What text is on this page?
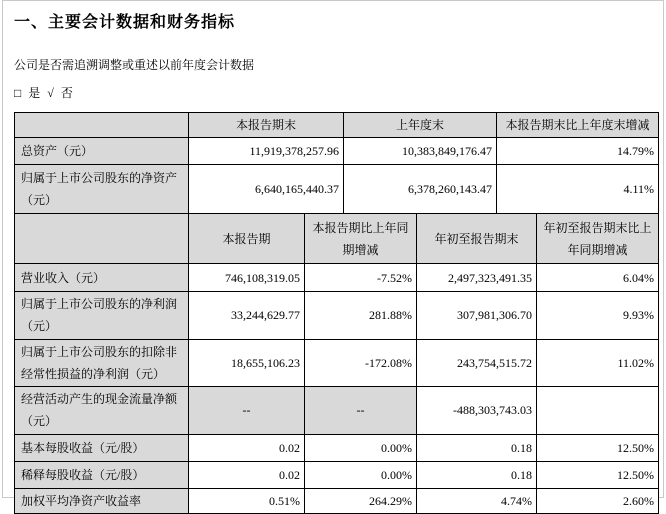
一、主要会计数据和财务指标
公司是否需追溯调整或重述以前年度会计数据
□ 是 √ 否
	本报告期末	上年度末	本报告期末比上年度末增减
总资产（元）	11,919,378,257.96	10,383,849,176.47	14.79%
归属于上市公司股东的净资产（元）	6,640,165,440.37	6,378,260,143.47	4.11%
	本报告期	本报告期比上年同期增减	年初至报告期末	年初至报告期末比上年同期增减
营业收入（元）	746,108,319.05	-7.52%	2,497,323,491.35	6.04%
归属于上市公司股东的净利润（元）	33,244,629.77	281.88%	307,981,306.70	9.93%
归属于上市公司股东的扣除非经常性损益的净利润（元）	18,655,106.23	-172.08%	243,754,515.72	11.02%
经营活动产生的现金流量净额（元）	--	--	-488,303,743.03	
基本每股收益（元/股）	0.02	0.00%	0.18	12.50%
稀释每股收益（元/股）	0.02	0.00%	0.18	12.50%
加权平均净资产收益率	0.51%	264.29%	4.74%	2.60%
